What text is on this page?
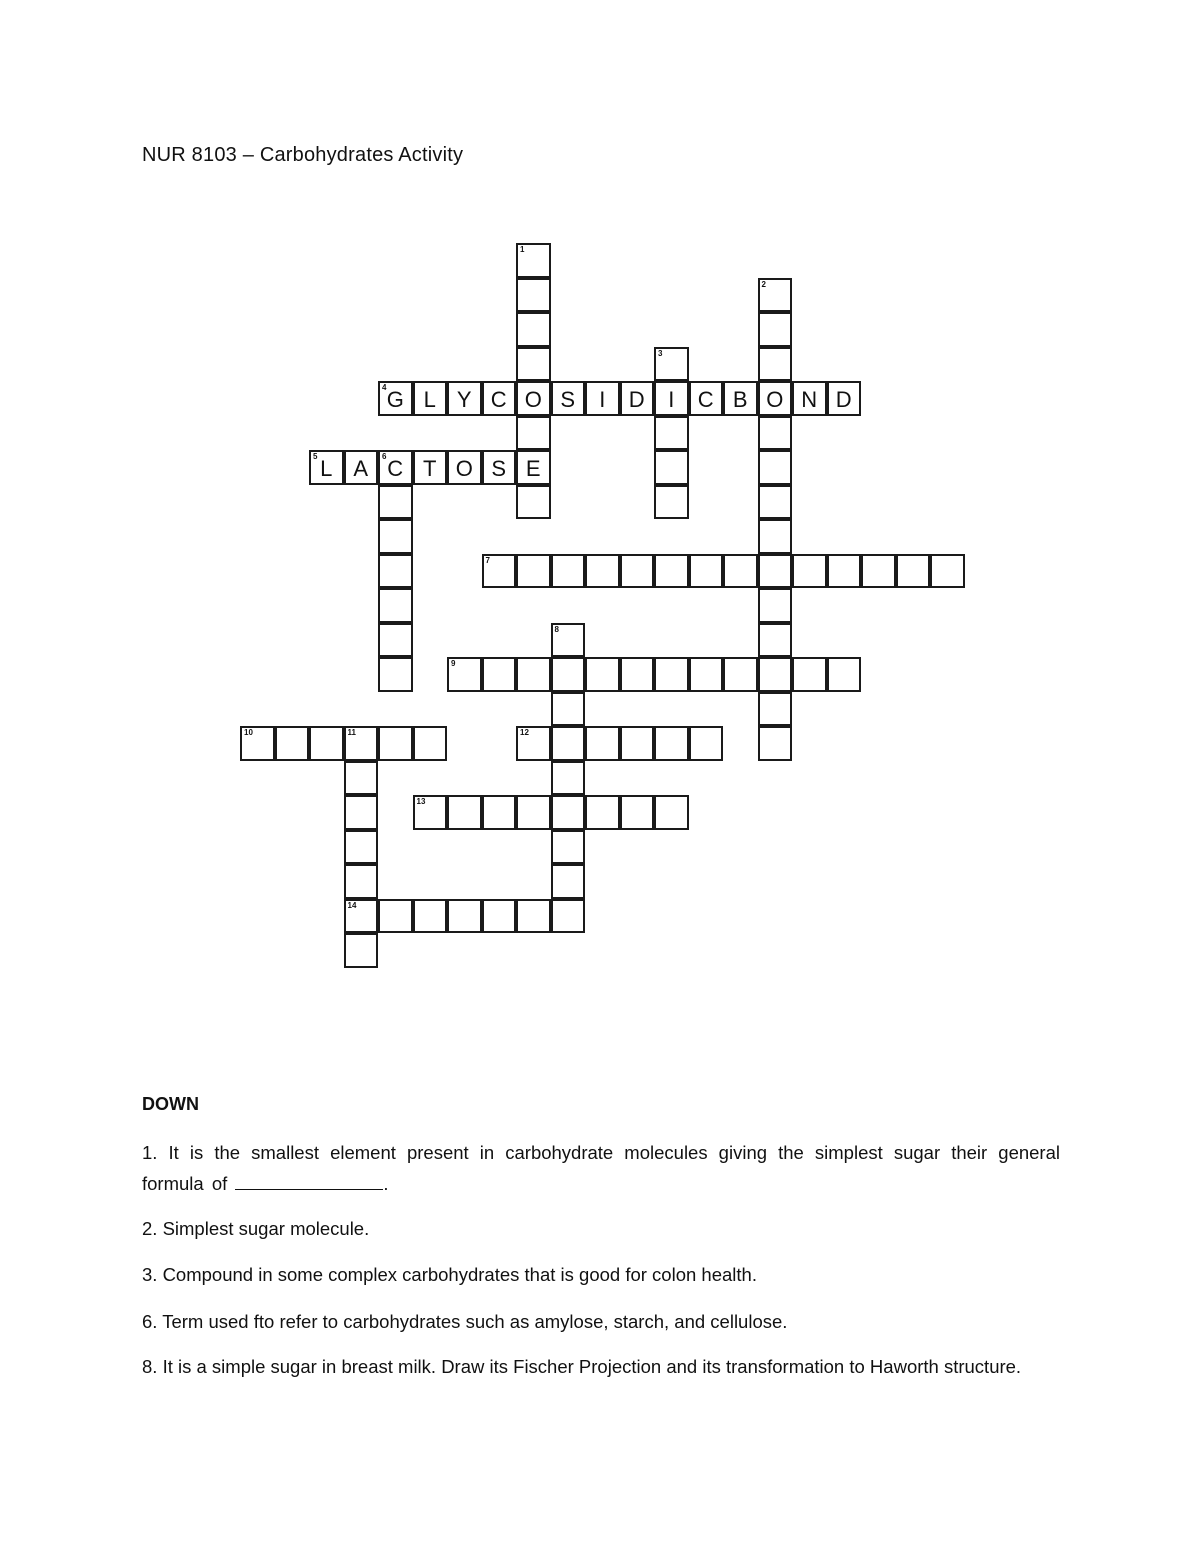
NUR 8103 – Carbohydrates Activity
4 G L Y C O S	I	D	I	C B O N D
5 L A	6 C T O S E
7
9
10	11	12
13
14
1
2
3
8
DOWN
1. It is the smallest element present in carbohydrate molecules giving the simplest sugar their general formula of	.
2. Simplest sugar molecule.
3. Compound in some complex carbohydrates that is good for colon health.
6. Term used fto refer to carbohydrates such as amylose, starch, and cellulose.
8. It is a simple sugar in breast milk. Draw its Fischer Projection and its transformation to Haworth structure.
